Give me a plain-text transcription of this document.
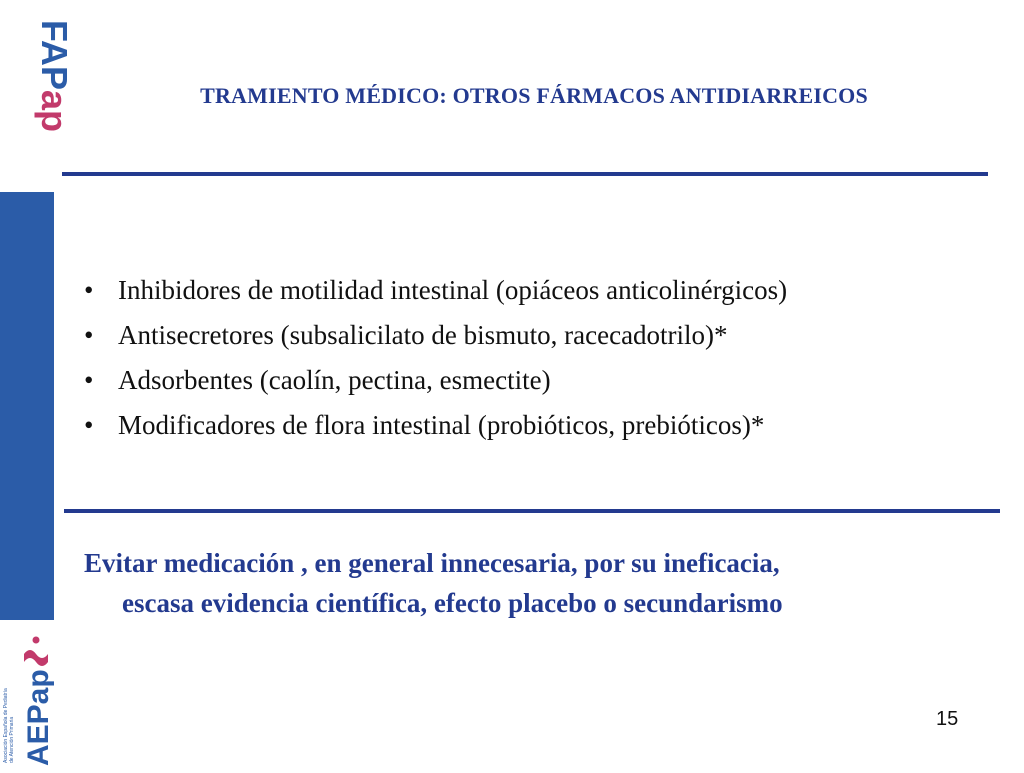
FAPap
Asociación Española de Pediatría de Atención Primaria AEPap
TRAMIENTO MÉDICO: OTROS FÁRMACOS ANTIDIARREICOS
• Inhibidores de motilidad intestinal (opiáceos anticolinérgicos)
• Antisecretores (subsalicilato de bismuto, racecadotrilo)*
• Adsorbentes (caolín, pectina, esmectite)
• Modificadores de flora intestinal (probióticos, prebióticos)*
Evitar medicación , en general innecesaria, por su ineficacia,
escasa evidencia científica, efecto placebo o secundarismo
15
